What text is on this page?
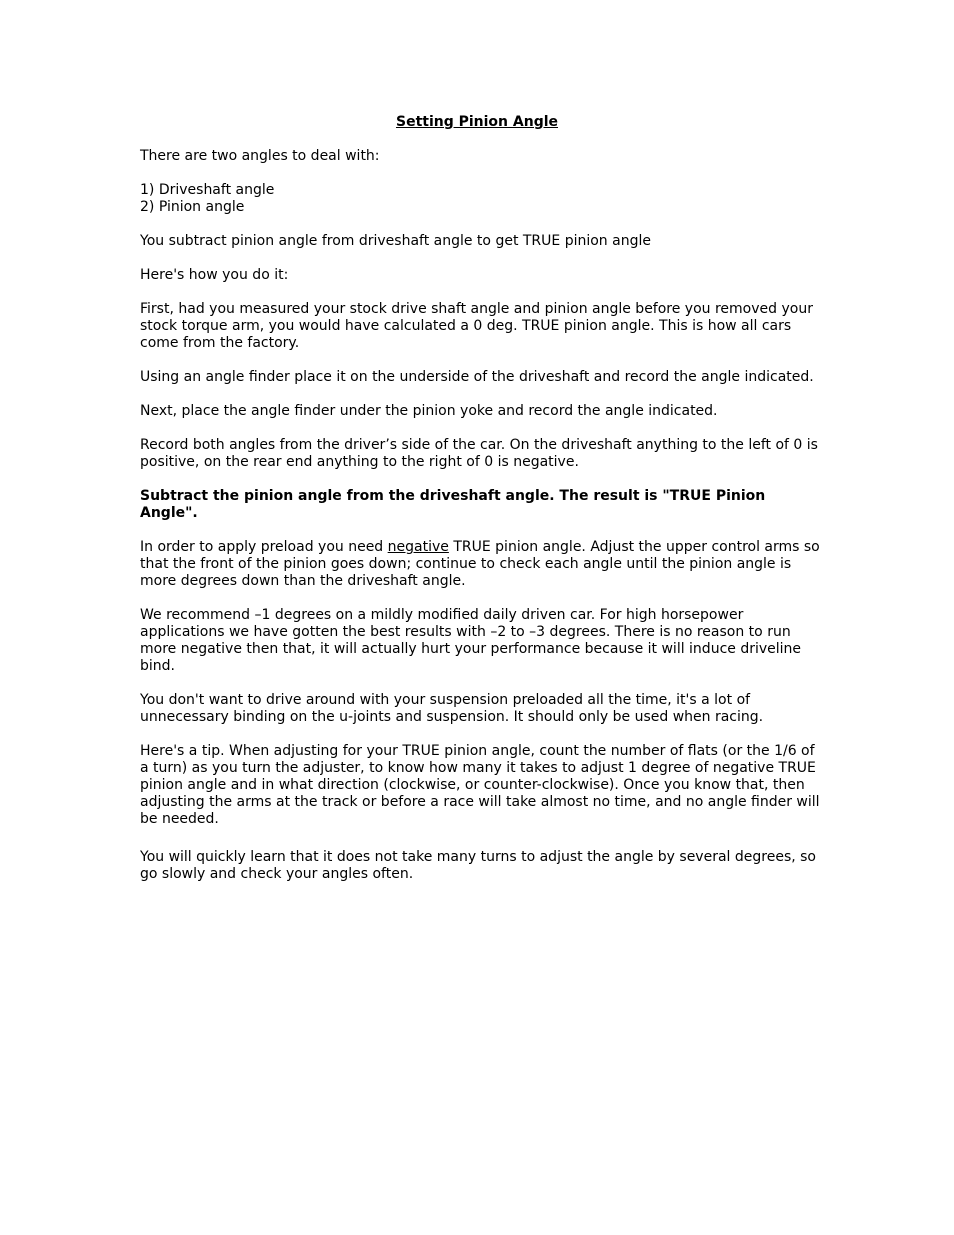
Setting Pinion Angle

There are two angles to deal with:

1) Driveshaft angle
2) Pinion angle

You subtract pinion angle from driveshaft angle to get TRUE pinion angle

Here's how you do it:

First, had you measured your stock drive shaft angle and pinion angle before you removed your stock torque arm, you would have calculated a 0 deg. TRUE pinion angle. This is how all cars come from the factory.

Using an angle finder place it on the underside of the driveshaft and record the angle indicated.

Next, place the angle finder under the pinion yoke and record the angle indicated.

Record both angles from the driver’s side of the car. On the driveshaft anything to the left of 0 is positive, on the rear end anything to the right of 0 is negative.

Subtract the pinion angle from the driveshaft angle. The result is "TRUE Pinion Angle".

In order to apply preload you need negative TRUE pinion angle. Adjust the upper control arms so that the front of the pinion goes down; continue to check each angle until the pinion angle is more degrees down than the driveshaft angle.

We recommend –1 degrees on a mildly modified daily driven car. For high horsepower applications we have gotten the best results with –2 to –3 degrees. There is no reason to run more negative then that, it will actually hurt your performance because it will induce driveline bind.

You don't want to drive around with your suspension preloaded all the time, it's a lot of unnecessary binding on the u-joints and suspension. It should only be used when racing.

Here's a tip. When adjusting for your TRUE pinion angle, count the number of flats (or the 1/6 of a turn) as you turn the adjuster, to know how many it takes to adjust 1 degree of negative TRUE pinion angle and in what direction (clockwise, or counter-clockwise). Once you know that, then adjusting the arms at the track or before a race will take almost no time, and no angle finder will be needed.

You will quickly learn that it does not take many turns to adjust the angle by several degrees, so go slowly and check your angles often.
